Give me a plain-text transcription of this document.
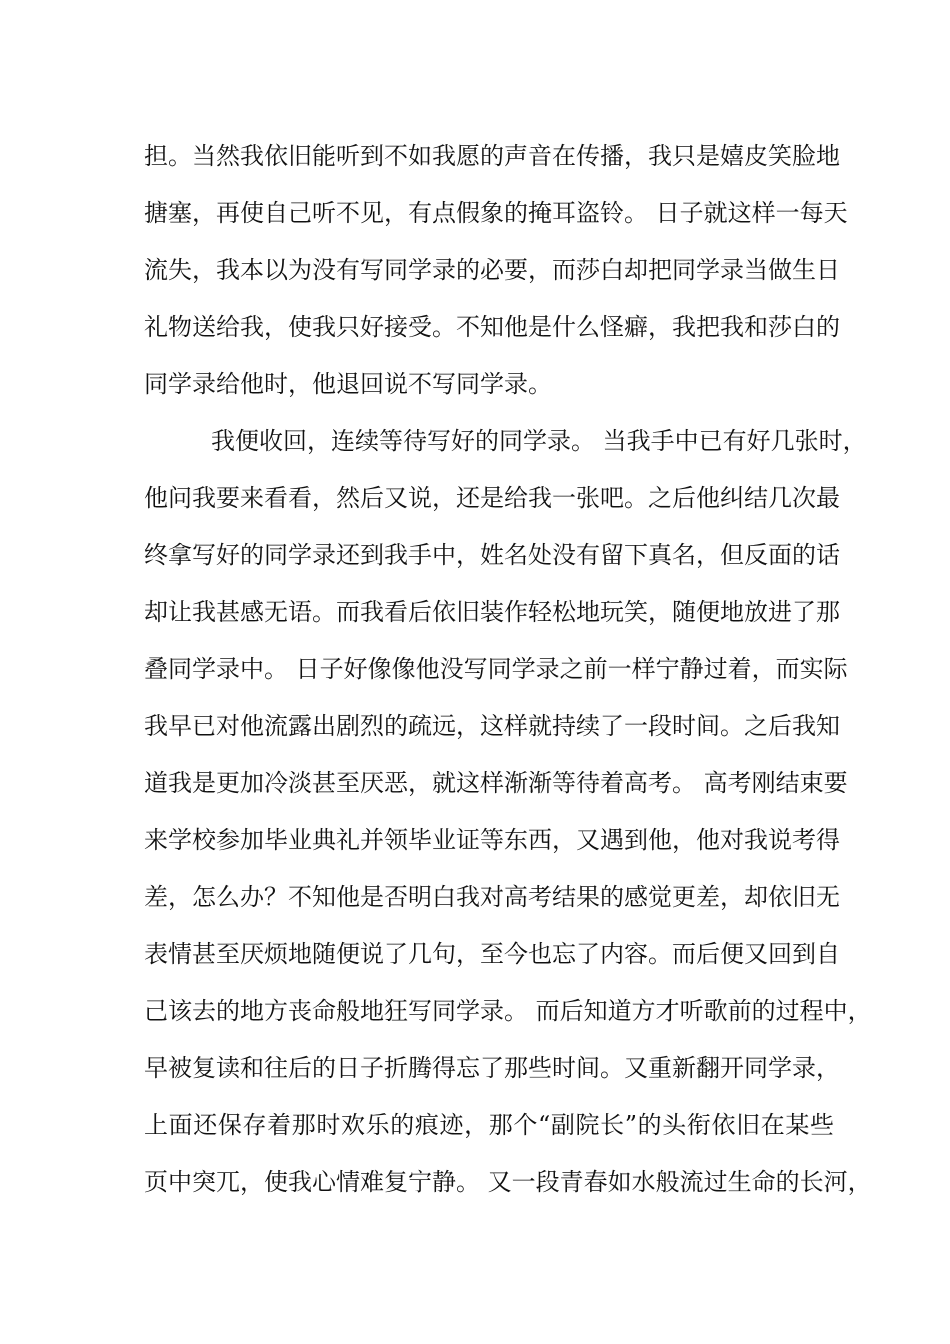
担。当然我依旧能听到不如我愿的声音在传播，我只是嬉皮笑脸地
搪塞，再使自己听不见，有点假象的掩耳盗铃。 日子就这样一每天
流失，我本以为没有写同学录的必要，而莎白却把同学录当做生日
礼物送给我，使我只好接受。不知他是什么怪癖，我把我和莎白的
同学录给他时，他退回说不写同学录。
我便收回，连续等待写好的同学录。 当我手中已有好几张时，
他问我要来看看，然后又说，还是给我一张吧。之后他纠结几次最
终拿写好的同学录还到我手中，姓名处没有留下真名，但反面的话
却让我甚感无语。而我看后依旧装作轻松地玩笑，随便地放进了那
叠同学录中。 日子好像像他没写同学录之前一样宁静过着，而实际
我早已对他流露出剧烈的疏远，这样就持续了一段时间。之后我知
道我是更加冷淡甚至厌恶，就这样渐渐等待着高考。 高考刚结束要
来学校参加毕业典礼并领毕业证等东西，又遇到他，他对我说考得
差，怎么办？不知他是否明白我对高考结果的感觉更差，却依旧无
表情甚至厌烦地随便说了几句，至今也忘了内容。而后便又回到自
己该去的地方丧命般地狂写同学录。 而后知道方才听歌前的过程中，
早被复读和往后的日子折腾得忘了那些时间。又重新翻开同学录，
上面还保存着那时欢乐的痕迹，那个“副院长”的头衔依旧在某些
页中突兀，使我心情难复宁静。 又一段青春如水般流过生命的长河，
